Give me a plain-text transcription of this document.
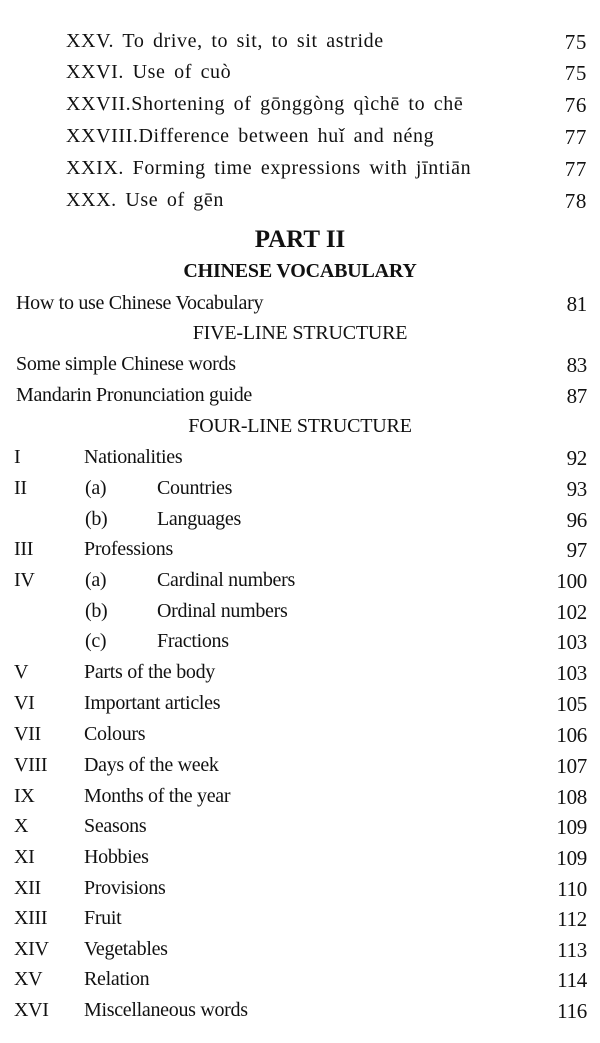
XXV. To drive, to sit, to sit astride	75
XXVI. Use of cuò	75
XXVII.Shortening of gōnggòng qìchē to chē	76
XXVIII.Difference between huǐ and néng	77
XXIX. Forming time expressions with jīntiān	77
XXX. Use of gēn	78
PART II
CHINESE VOCABULARY
How to use Chinese Vocabulary	81
FIVE-LINE STRUCTURE
Some simple Chinese words	83
Mandarin Pronunciation guide	87
FOUR-LINE STRUCTURE
I	Nationalities	92
II	(a)	Countries	93
(b) Languages	96
III	Professions	97
IV	(a)	Cardinal numbers	100
(b) Ordinal numbers	102
(c)	Fractions	103
V	Parts of the body	103
VI Important articles	105
VII Colours	106
VIII Days of the week	107
IX Months of the year	108
X	Seasons	109
XI Hobbies	109
XII Provisions	110
XIII Fruit	112
XIV Vegetables	113
XV Relation	114
XVI Miscellaneous words	116
